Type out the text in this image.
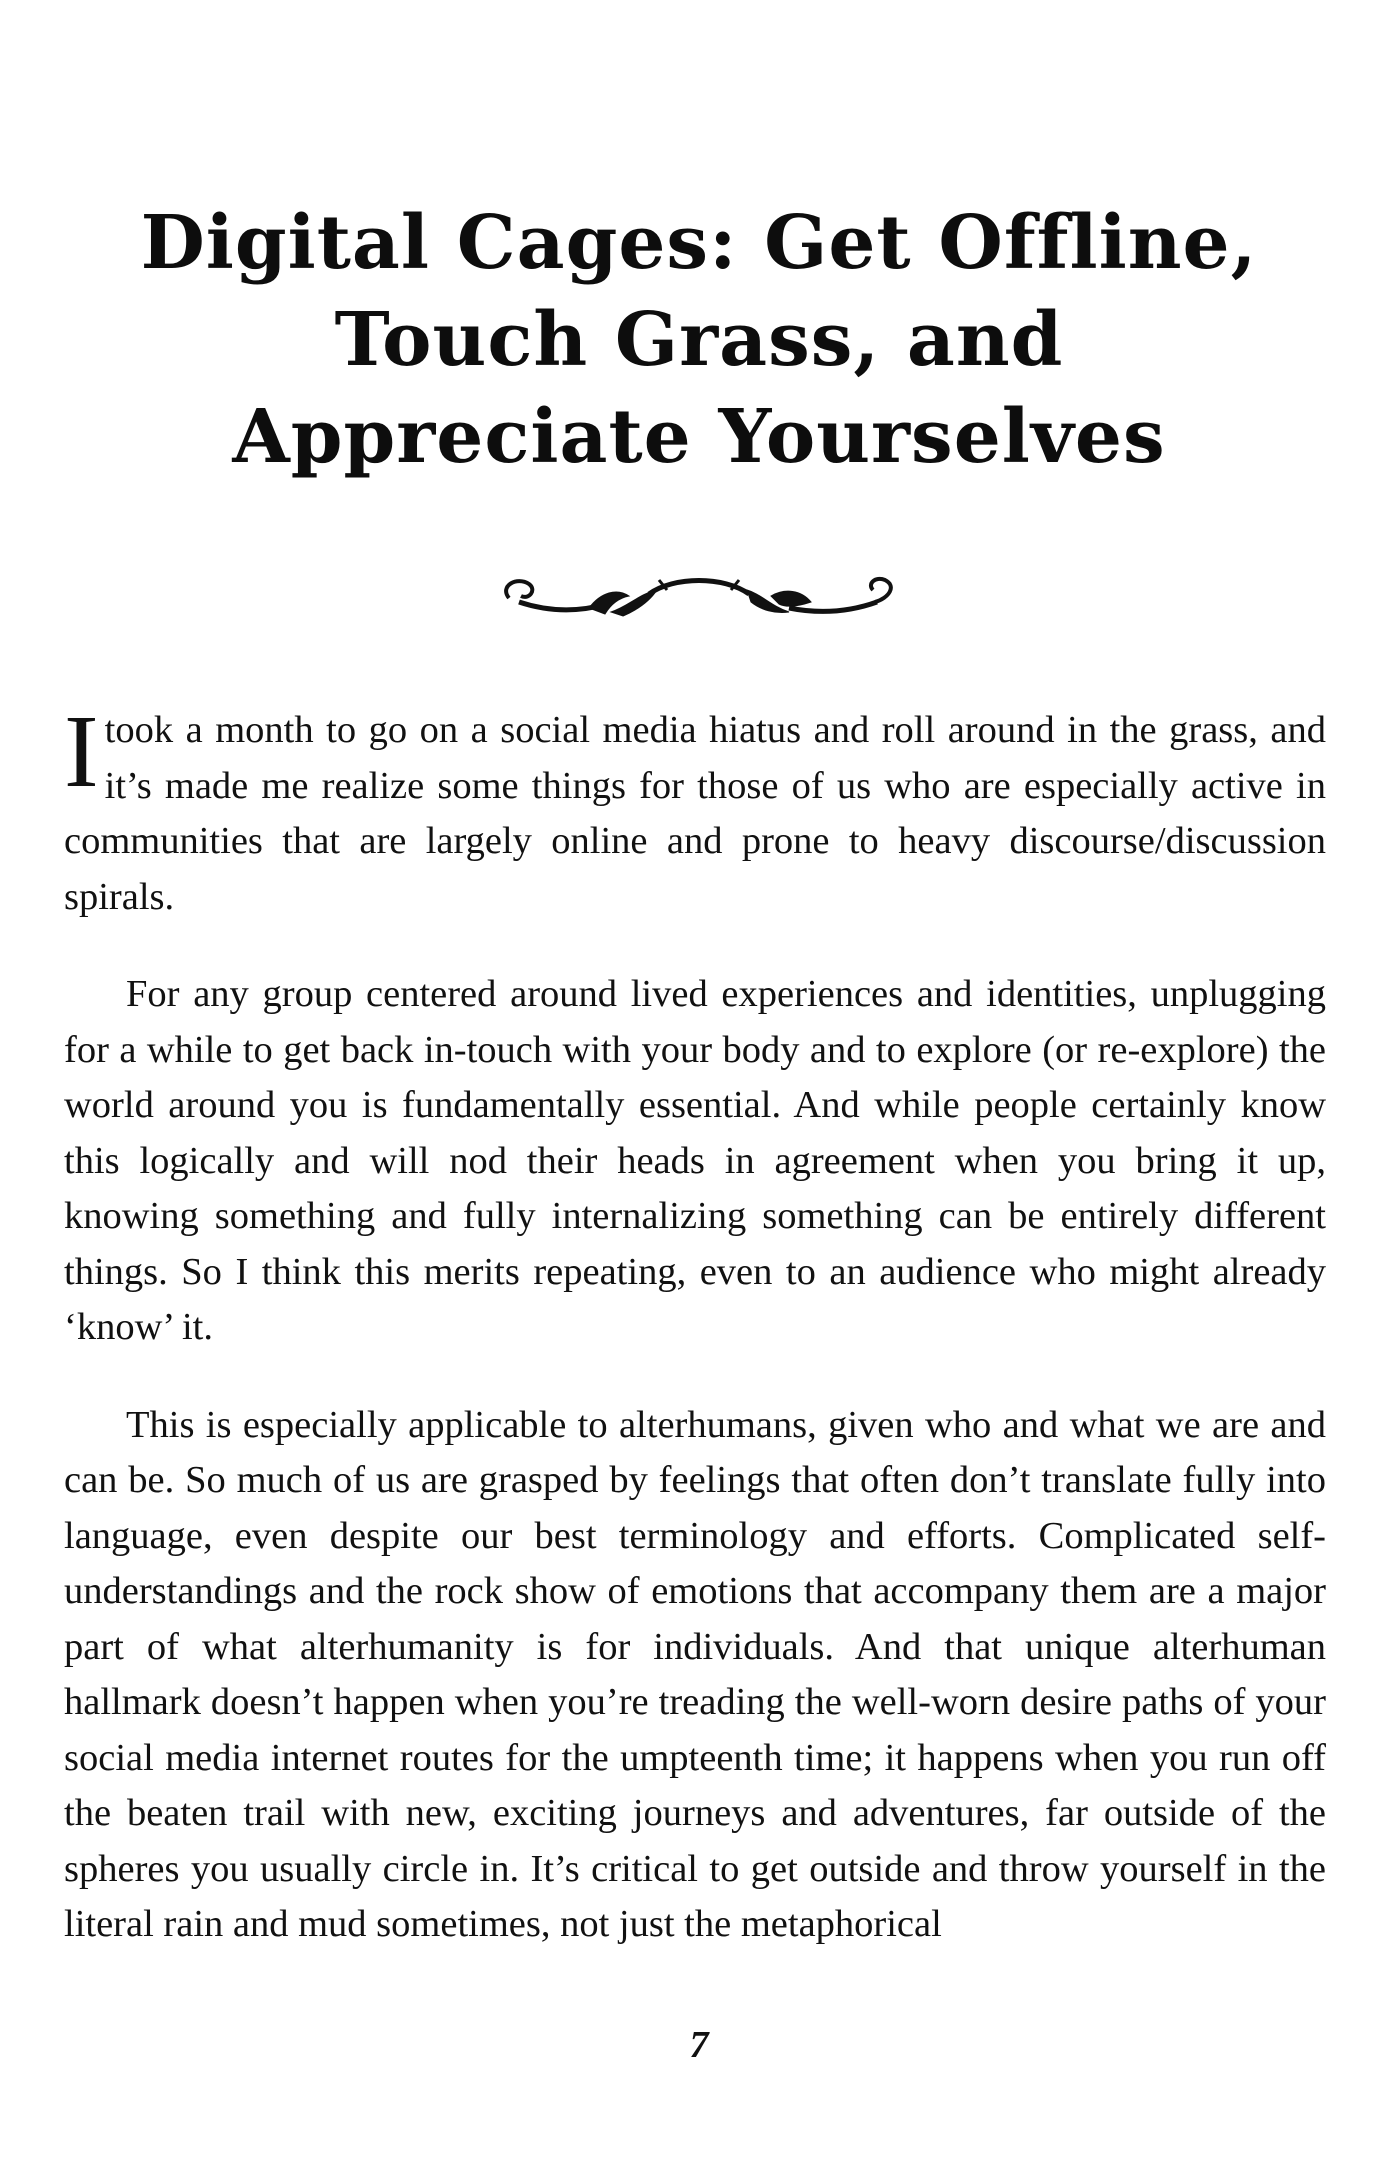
Digital Cages: Get Offline,
Touch Grass, and
Appreciate Yourselves

Itook a month to go on a social media hiatus and roll around in the grass, and it’s made me realize some things for those of us who are especially active in communities that are largely online and prone to heavy discourse/discussion spirals.

For any group centered around lived experiences and identities, unplugging for a while to get back in-touch with your body and to explore (or re-explore) the world around you is fundamentally essential. And while people certainly know this logically and will nod their heads in agreement when you bring it up, knowing something and fully internalizing something can be entirely different things. So I think this merits repeating, even to an audience who might already ‘know’ it.

This is especially applicable to alterhumans, given who and what we are and can be. So much of us are grasped by feelings that often don’t translate fully into language, even despite our best terminology and efforts. Complicated self-understandings and the rock show of emotions that accompany them are a major part of what alterhumanity is for individuals. And that unique alterhuman hallmark doesn’t happen when you’re treading the well-worn desire paths of your social media internet routes for the umpteenth time; it happens when you run off the beaten trail with new, exciting journeys and adventures, far outside of the spheres you usually circle in. It’s critical to get outside and throw yourself in the literal rain and mud sometimes, not just the metaphorical

7
